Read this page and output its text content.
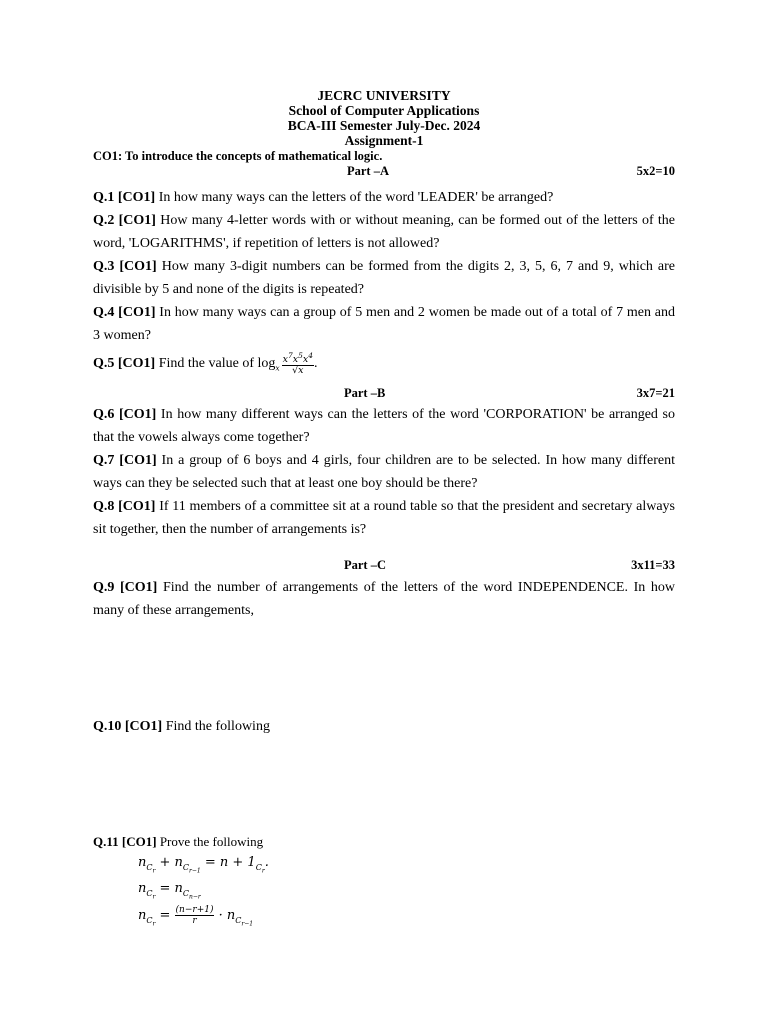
JECRC UNIVERSITY
School of Computer Applications
BCA-III Semester July-Dec. 2024
Assignment-1
CO1: To introduce the concepts of mathematical logic.
Part –A	5x2=10
Q.1 [CO1] In how many ways can the letters of the word 'LEADER' be arranged?
Q.2 [CO1] How many 4-letter words with or without meaning, can be formed out of the letters of the word, 'LOGARITHMS', if repetition of letters is not allowed?
Q.3 [CO1] How many 3-digit numbers can be formed from the digits 2, 3, 5, 6, 7 and 9, which are divisible by 5 and none of the digits is repeated?
Q.4 [CO1] In how many ways can a group of 5 men and 2 women be made out of a total of 7 men and 3 women?
Q.5 [CO1] Find the value of $\log_x \frac{x^7x^5x^4}{√x}$ .
Part –B	3x7=21
Q.6 [CO1] In how many different ways can the letters of the word 'CORPORATION' be arranged so that the vowels always come together?
Q.7 [CO1] In a group of 6 boys and 4 girls, four children are to be selected. In how many different ways can they be selected such that at least one boy should be there?
Q.8 [CO1] If 11 members of a committee sit at a round table so that the president and secretary always sit together, then the number of arrangements is?
Part –C	3x11=33
Q.9 [CO1] Find the number of arrangements of the letters of the word INDEPENDENCE. In how many of these arrangements,
Q.10 [CO1] Find the following
Q.11 [CO1] Prove the following
$n_{C_r} + n_{C_{r-1}} = n + 1_{C_r}$.
$n_{C_r} = n_{C_{n-r}}$
$n_{C_r} = \frac{(n-r+1)}{r} \cdot n_{C_{r-1}}$
